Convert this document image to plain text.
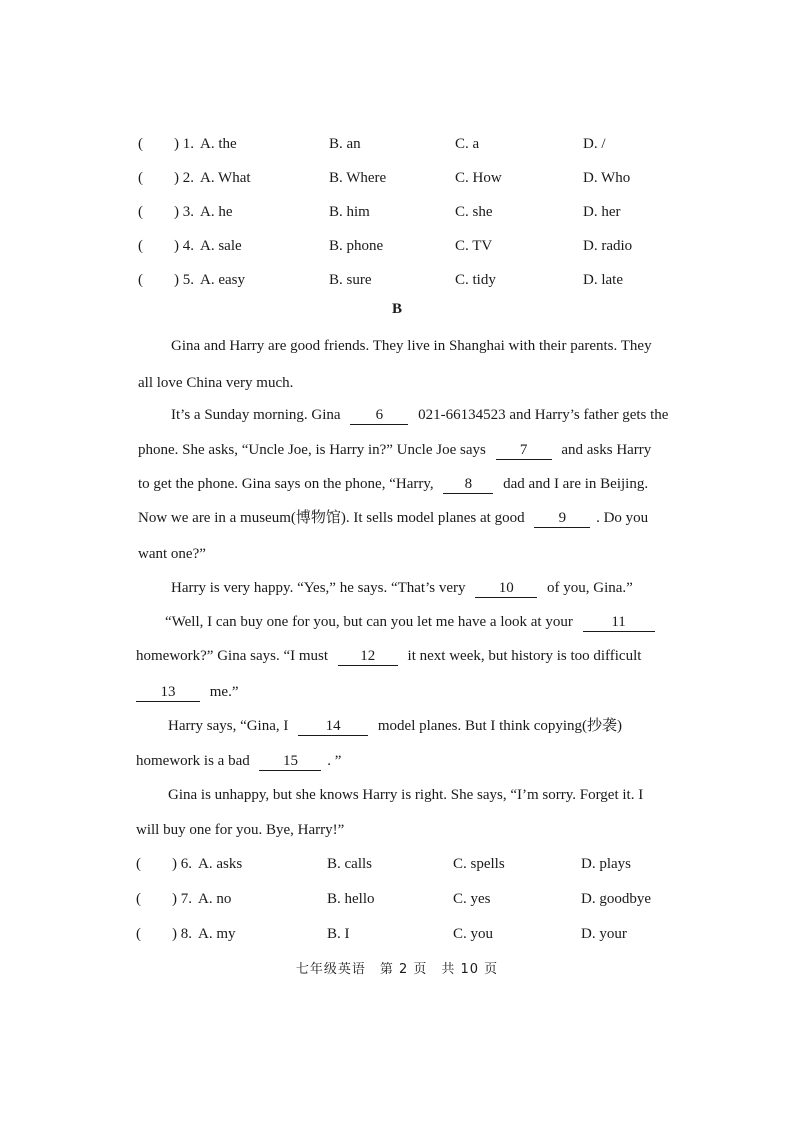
( ) 1. A. the	B. an	C. a	D. /
( ) 2. A. What	B. Where	C. How	D. Who
( ) 3. A. he	B. him	C. she	D. her
( ) 4. A. sale	B. phone	C. TV	D. radio
( ) 5. A. easy	B. sure	C. tidy	D. late
B
Gina and Harry are good friends. They live in Shanghai with their parents. They
all love China very much.
It’s a Sunday morning. Gina 6 021-66134523 and Harry’s father gets the
phone. She asks, “Uncle Joe, is Harry in?” Uncle Joe says 7 and asks Harry
to get the phone. Gina says on the phone, “Harry, 8 dad and I are in Beijing.
Now we are in a museum(博物馆). It sells model planes at good 9 . Do you
want one?”
Harry is very happy. “Yes,” he says. “That’s very 10 of you, Gina.”
“Well, I can buy one for you, but can you let me have a look at your	11
homework?” Gina says. “I must 12 it next week, but history is too difficult
13 me.”
Harry says, “Gina, I 14 model planes. But I think copying(抄袭)
homework is a bad 15 . ”
Gina is unhappy, but she knows Harry is right. She says, “I’m sorry. Forget it. I
will buy one for you. Bye, Harry!”
( ) 6. A. asks	B. calls	C. spells	D. plays
( ) 7. A. no	B. hello	C. yes	D. goodbye
( ) 8. A. my	B. I	C. you	D. your
七年级英语　第 2 页　共 10 页
